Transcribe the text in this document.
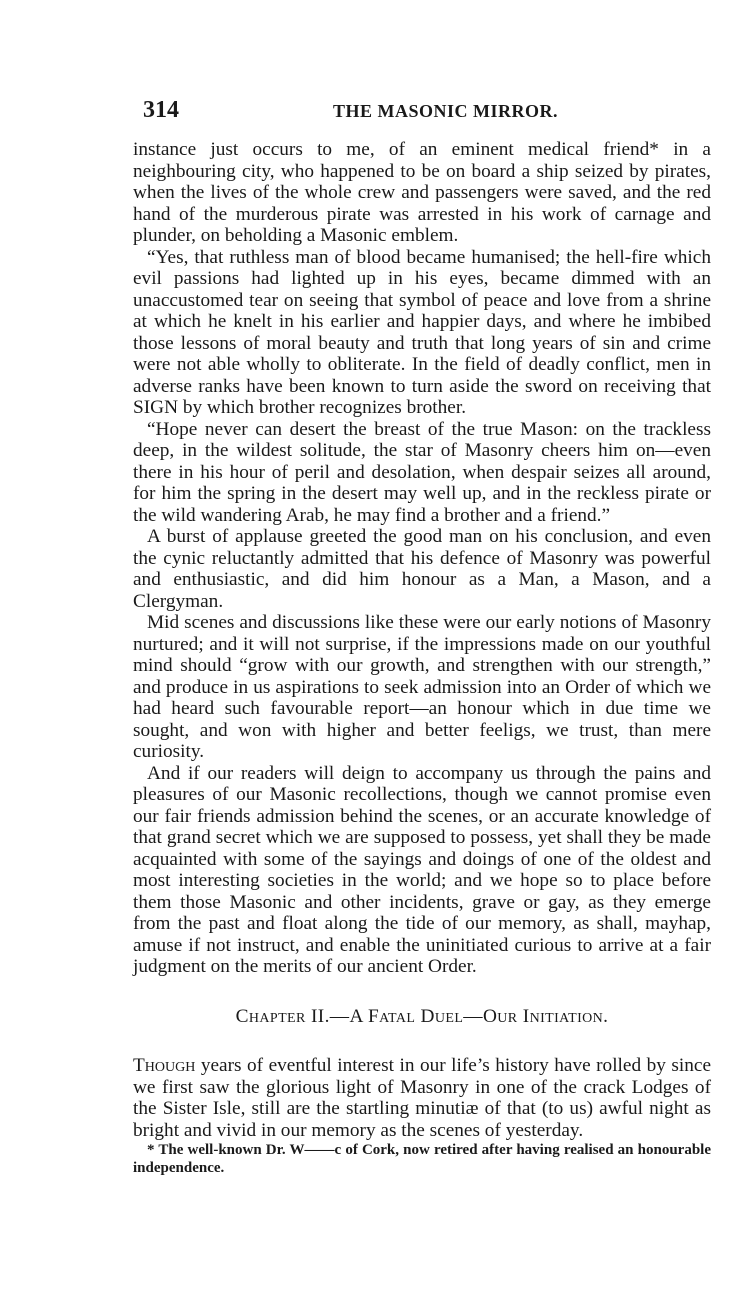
314	THE MASONIC MIRROR.

instance just occurs to me, of an eminent medical friend* in a neighbouring city, who happened to be on board a ship seized by pirates, when the lives of the whole crew and passengers were saved, and the red hand of the murderous pirate was arrested in his work of carnage and plunder, on beholding a Masonic emblem.

“Yes, that ruthless man of blood became humanised; the hell-fire which evil passions had lighted up in his eyes, became dimmed with an unaccustomed tear on seeing that symbol of peace and love from a shrine at which he knelt in his earlier and happier days, and where he imbibed those lessons of moral beauty and truth that long years of sin and crime were not able wholly to obliterate. In the field of deadly conflict, men in adverse ranks have been known to turn aside the sword on receiving that SIGN by which brother recognizes brother.

“Hope never can desert the breast of the true Mason: on the trackless deep, in the wildest solitude, the star of Masonry cheers him on—even there in his hour of peril and desolation, when despair seizes all around, for him the spring in the desert may well up, and in the reckless pirate or the wild wandering Arab, he may find a brother and a friend.”

A burst of applause greeted the good man on his conclusion, and even the cynic reluctantly admitted that his defence of Masonry was powerful and enthusiastic, and did him honour as a Man, a Mason, and a Clergyman.

Mid scenes and discussions like these were our early notions of Masonry nurtured; and it will not surprise, if the impressions made on our youthful mind should “grow with our growth, and strengthen with our strength,” and produce in us aspirations to seek admission into an Order of which we had heard such favourable report—an honour which in due time we sought, and won with higher and better feeligs, we trust, than mere curiosity.

And if our readers will deign to accompany us through the pains and pleasures of our Masonic recollections, though we cannot promise even our fair friends admission behind the scenes, or an accurate knowledge of that grand secret which we are supposed to possess, yet shall they be made acquainted with some of the sayings and doings of one of the oldest and most interesting societies in the world; and we hope so to place before them those Masonic and other incidents, grave or gay, as they emerge from the past and float along the tide of our memory, as shall, mayhap, amuse if not instruct, and enable the uninitiated curious to arrive at a fair judgment on the merits of our ancient Order.

Chapter II.—A Fatal Duel—Our Initiation.

Though years of eventful interest in our life’s history have rolled by since we first saw the glorious light of Masonry in one of the crack Lodges of the Sister Isle, still are the startling minutiæ of that (to us) awful night as bright and vivid in our memory as the scenes of yesterday.

* The well-known Dr. W——c of Cork, now retired after having realised an honourable independence.
